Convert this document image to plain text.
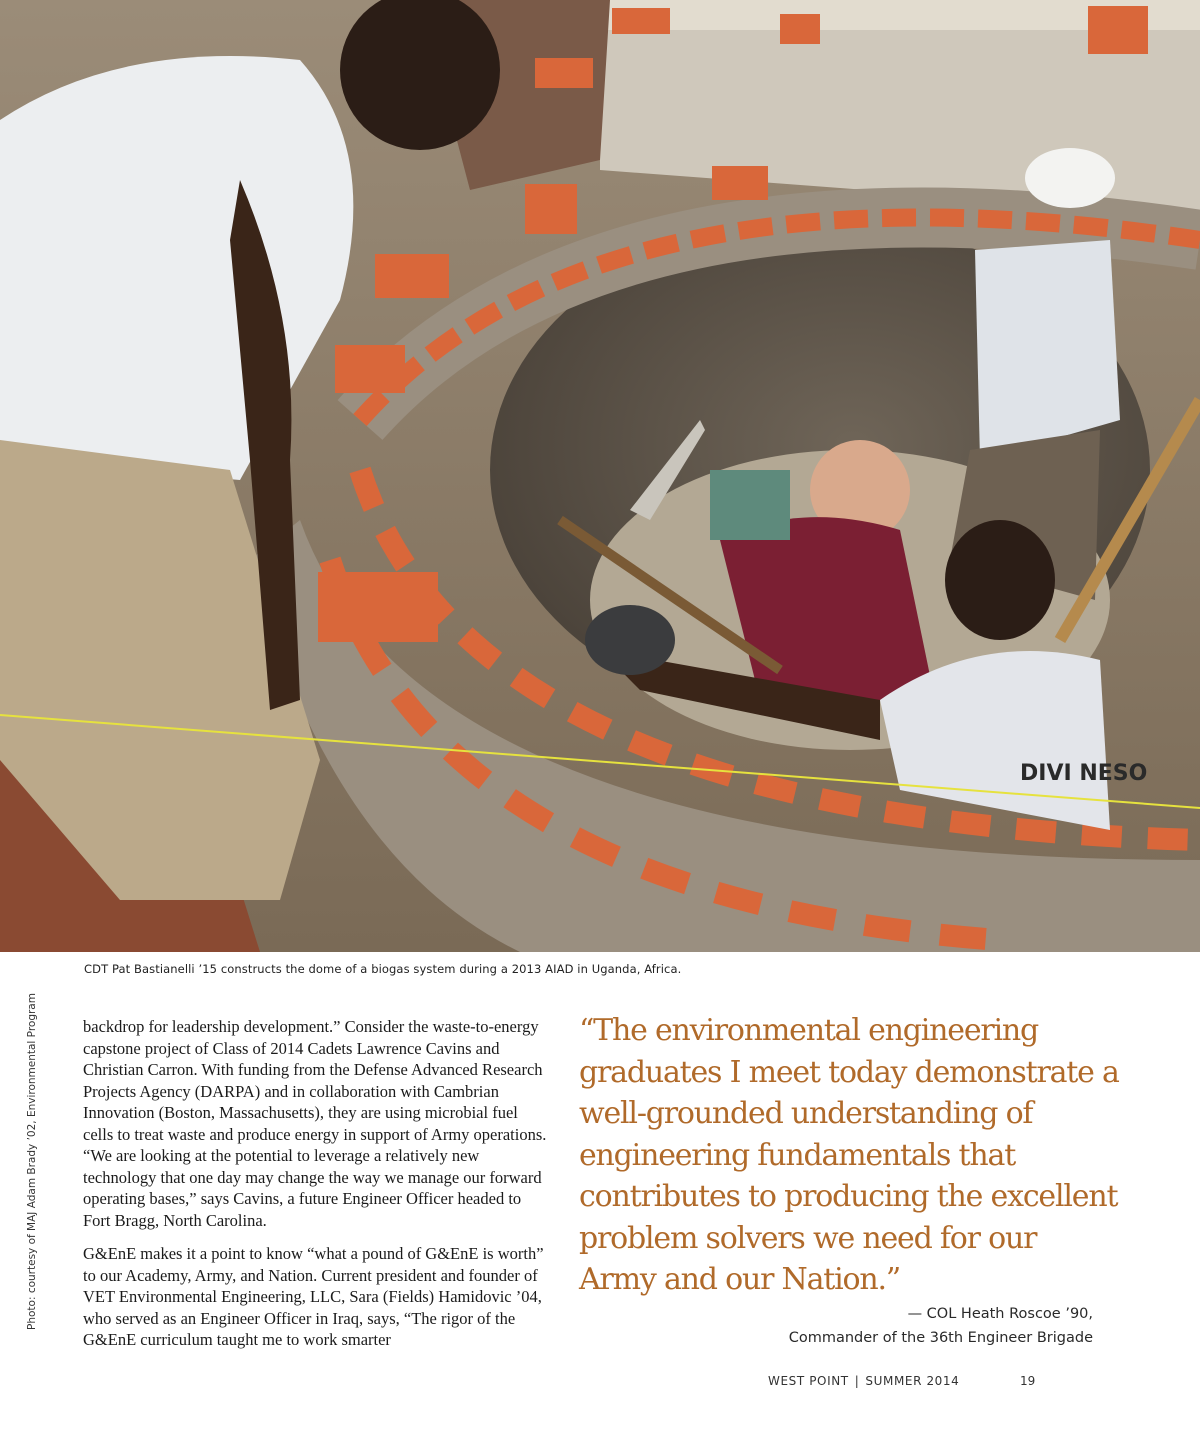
DIVI NESO
CDT Pat Bastianelli ’15 constructs the dome of a biogas system during a 2013 AIAD in Uganda, Africa.
Photo: courtesy of MAJ Adam Brady ’02, Environmental Program	backdrop for leadership development.” Consider the waste-to-energy capstone project of Class of 2014 Cadets Lawrence Cavins and Christian Carron. With funding from the Defense Advanced Research Projects Agency (DARPA) and in collaboration with Cambrian Innovation (Boston, Massachusetts), they are using microbial fuel cells to treat waste and produce energy in support of Army operations. “We are looking at the potential to leverage a relatively new technology that one day may change the way we manage our forward operating bases,” says Cavins, a future Engineer Officer headed to Fort Bragg, North Carolina.

G&EnE makes it a point to know “what a pound of G&EnE is worth” to our Academy, Army, and Nation. Current president and founder of VET Environmental Engineering, LLC, Sara (Fields) Hamidovic ’04, who served as an Engineer Officer in Iraq, says, “The rigor of the G&EnE curriculum taught me to work smarter

“The environmental engineering graduates I meet today demonstrate a well-grounded understanding of engineering fundamentals that contributes to producing the excellent problem solvers we need for our Army and our Nation.”
— COL Heath Roscoe ’90,
Commander of the 36th Engineer Brigade
WEST POINT | SUMMER 2014	19
